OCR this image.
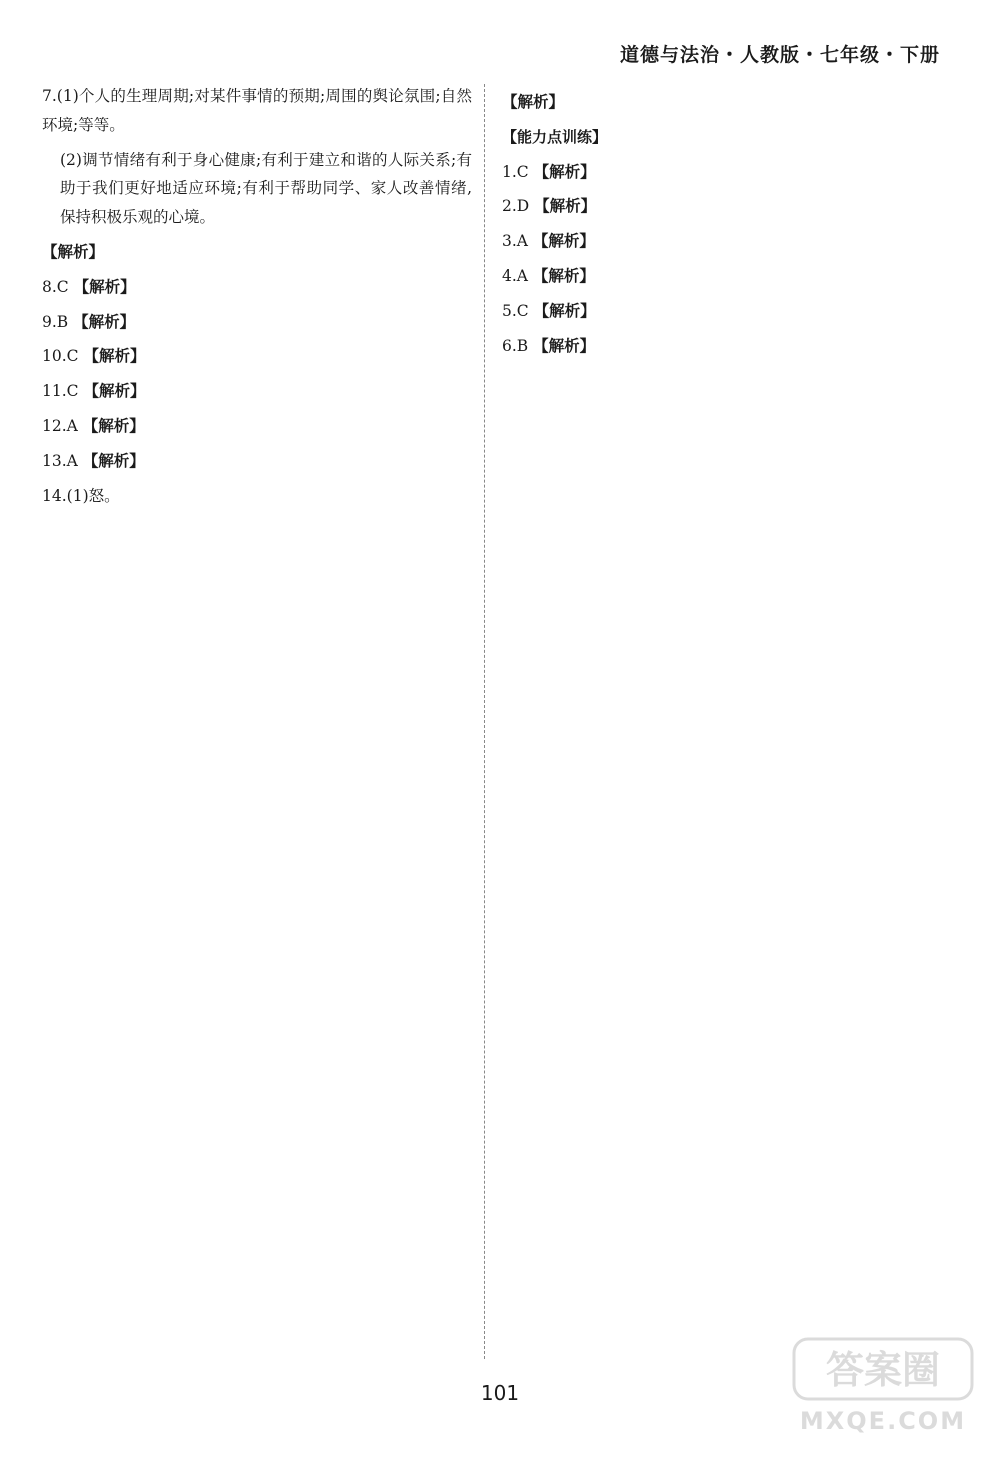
道德与法治・人教版・七年级・下册

7.(1)个人的生理周期;对某件事情的预期;周围的舆论氛围;自然环境;等等。

(2)调节情绪有利于身心健康;有利于建立和谐的人际关系;有助于我们更好地适应环境;有利于帮助同学、家人改善情绪,保持积极乐观的心境。

【解析】

8.C 【解析】

9.B 【解析】

10.C 【解析】

11.C 【解析】

12.A 【解析】

13.A 【解析】

14.(1)怒。

【解析】

【能力点训练】

1.C 【解析】

2.D 【解析】

3.A 【解析】

4.A 【解析】

5.C 【解析】

6.B 【解析】

101
答案圈
MXQE.COM
